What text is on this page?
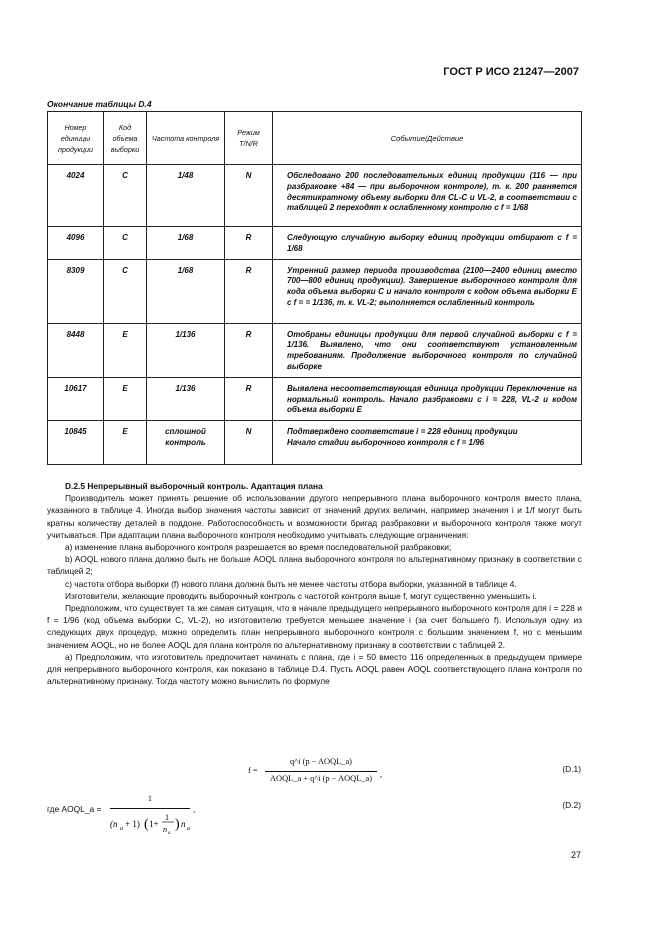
ГОСТ Р ИСО 21247—2007
Окончание таблицы D.4
Номер единицы продукции	Код объема выборки	Частота контроля	Режим T/N/R	Событие/Действие
4024	C	1/48	N	Обследовано 200 последовательных единиц продукции (116 — при разбраковке +84 — при выборочном контроле), т. к. 200 равняется десятикратному объему выборки для CL-C и VL-2, в соответствии с таблицей 2 переходят к ослабленному контролю с f = 1/68
4096	C	1/68	R	Следующую случайную выборку единиц продукции отбирают с f = 1/68
8309	C	1/68	R	Утренний размер периода производства (2100—2400 единиц вместо 700—800 единиц продукции). Завершение выборочного контроля для кода объема выборки C и начало контроля с кодом объема выборки E с f = = 1/136, т. к. VL-2; выполняется ослабленный контроль
8448	E	1/136	R	Отобраны единицы продукции для первой случайной выборки с f = 1/136. Выявлено, что они соответствуют установленным требованиям. Продолжение выборочного контроля по случайной выборке
10617	E	1/136	R	Выявлена несоответствующая единица продукции Переключение на нормальный контроль. Начало разбраковки с i = 228, VL-2 и кодом объема выборки E
10845	E	сплошной контроль	N	Подтверждено соответствие i = 228 единиц продукции
Начало стадии выборочного контроля с f = 1/96

D.2.5 Непрерывный выборочный контроль. Адаптация плана

Производитель может принять решение об использовании другого непрерывного плана выборочного контроля вместо плана, указанного в таблице 4. Иногда выбор значения частоты зависит от значений других величин, например значения i и 1/f могут быть кратны количеству деталей в поддоне. Работоспособность и возможности бригад разбраковки и выборочного контроля также могут учитываться. При адаптации плана выборочного контроля необходимо учитывать следующие ограничения:

а) изменение плана выборочного контроля разрешается во время последовательной разбраковки;

b) AOQL нового плана должно быть не больше AOQL плана выборочного контроля по альтернативному признаку в соответствии с таблицей 2;

с) частота отбора выборки (f) нового плана должна быть не менее частоты отбора выборки, указанной в таблице 4.

Изготовители, желающие проводить выборочный контроль с частотой контроля выше f, могут существенно уменьшить i.

Предположим, что существует та же самая ситуация, что в начале предыдущего непрерывного выборочного контроля для i = 228 и f = 1/96 (код объема выборки C, VL-2), но изготовителю требуется меньшее значение i (за счет большего f). Используя одну из следующих двух процедур, можно определить план непрерывного выборочного контроля с большим значением f, но с меньшим значением AOQL, но не более AOQL для плана контроля по альтернативному признаку в соответствии с таблицей 2.

а) Предположим, что изготовитель предпочитает начинать с плана, где i = 50 вместо 116 определенных в предыдущем примере для непрерывного выборочного контроля, как показано в таблице D.4. Пусть AOQL равен AOQL соответствующего плана контроля по альтернативному признаку. Тогда частоту можно вычислить по формуле

f =
q^i (p − AOQL_a)
AOQL_a + q^i (p − AOQL_a) ,
(D.1)
где AOQL_a =
1
(n a + 1) ( 1+
1
n a
) n a
,	(D.2)
27
